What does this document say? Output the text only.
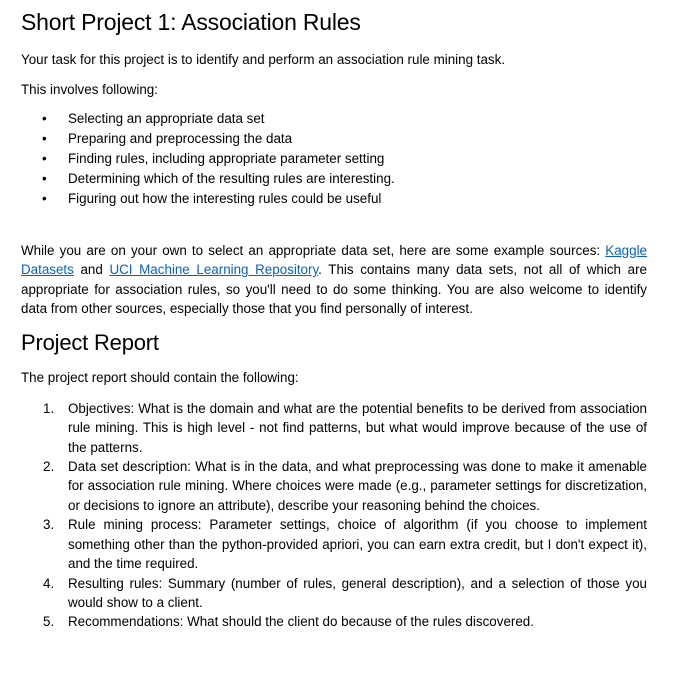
Short Project 1: Association Rules

Your task for this project is to identify and perform an association rule mining task.

This involves following:

• Selecting an appropriate data set
• Preparing and preprocessing the data
• Finding rules, including appropriate parameter setting
• Determining which of the resulting rules are interesting.
• Figuring out how the interesting rules could be useful

While you are on your own to select an appropriate data set, here are some example sources: Kaggle Datasets and UCI Machine Learning Repository. This contains many data sets, not all of which are appropriate for association rules, so you'll need to do some thinking. You are also welcome to identify data from other sources, especially those that you find personally of interest.

Project Report

The project report should contain the following:

1. Objectives: What is the domain and what are the potential benefits to be derived from association rule mining. This is high level - not find patterns, but what would improve because of the use of the patterns.
2. Data set description: What is in the data, and what preprocessing was done to make it amenable for association rule mining. Where choices were made (e.g., parameter settings for discretization, or decisions to ignore an attribute), describe your reasoning behind the choices.
3. Rule mining process: Parameter settings, choice of algorithm (if you choose to implement something other than the python-provided apriori, you can earn extra credit, but I don't expect it), and the time required.
4. Resulting rules: Summary (number of rules, general description), and a selection of those you would show to a client.
5. Recommendations: What should the client do because of the rules discovered.
